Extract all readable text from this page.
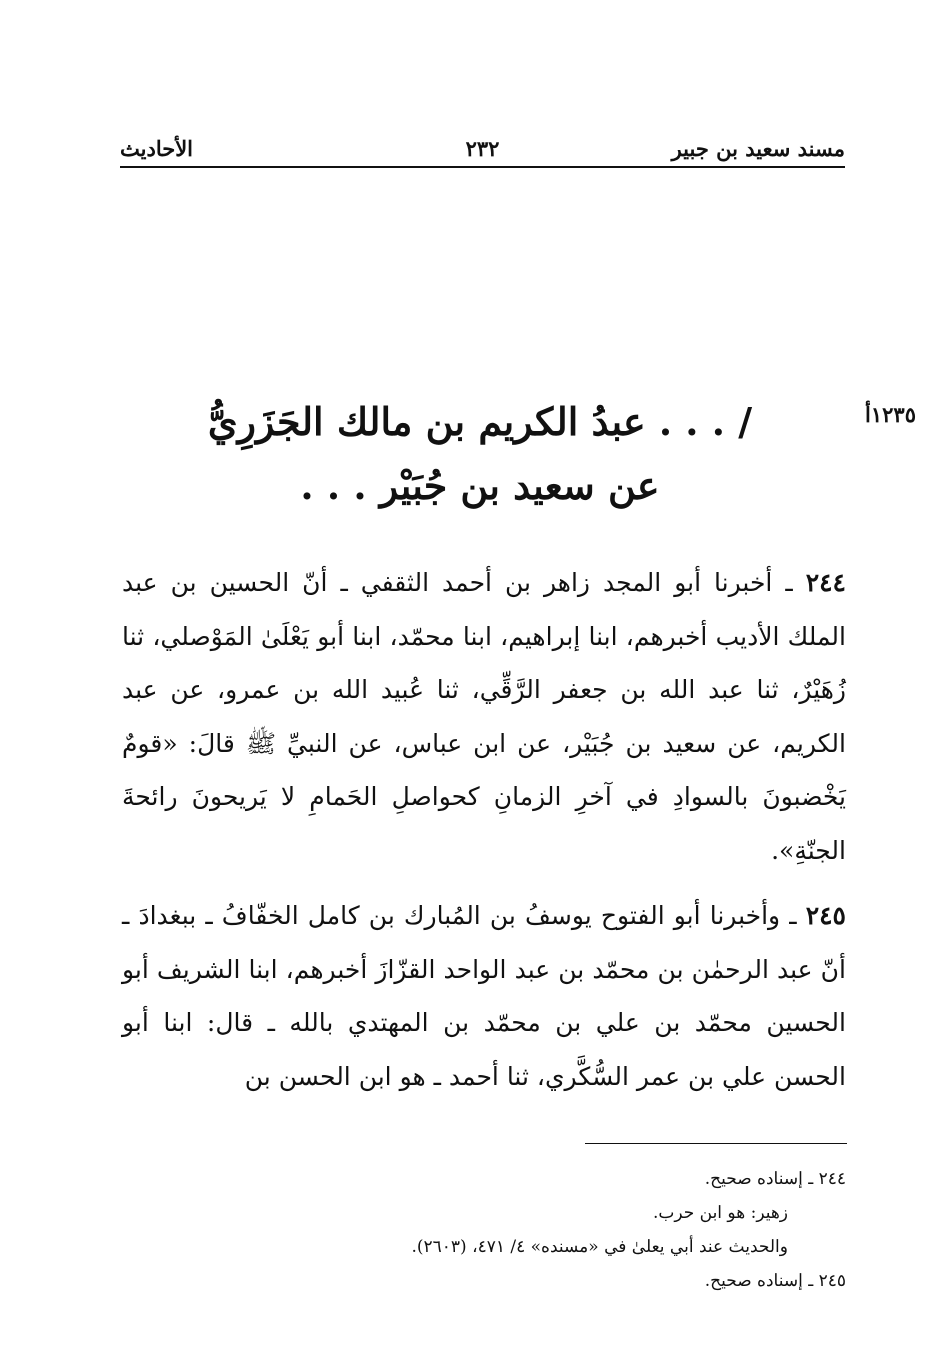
مسند سعيد بن جبير
٢٣٢
الأحاديث
١٢٣٥أ
/ . . . عبدُ الكريم بن مالك الجَزَرِيُّ
عن سعيد بن جُبَيْر . . .

٢٤٤ ـ أخبرنا أبو المجد زاهر بن أحمد الثقفي ـ أنّ الحسين بن عبد الملك الأديب أخبرهم، ابنا إبراهيم، ابنا محمّد، ابنا أبو يَعْلَىٰ المَوْصلي، ثنا زُهَيْرٌ، ثنا عبد الله بن جعفر الرَّقِّي، ثنا عُبيد الله بن عمرو، عن عبد الكريم، عن سعيد بن جُبَيْر، عن ابن عباس، عن النبيِّ ﷺ قالَ: «قومٌ يَخْضبونَ بالسوادِ في آخرِ الزمانِ كحواصلِ الحَمامِ لا يَريحونَ رائحةَ الجنّةِ».

٢٤٥ ـ وأخبرنا أبو الفتوح يوسفُ بن المُبارك بن كامل الخفّافُ ـ ببغدادَ ـ أنّ عبد الرحمٰن بن محمّد بن عبد الواحد القزّازَ أخبرهم، ابنا الشريف أبو الحسين محمّد بن علي بن محمّد بن المهتدي بالله ـ قال: ابنا أبو الحسن علي بن عمر السُّكَّري، ثنا أحمد ـ هو ابن الحسن بن

٢٤٤ ـ إسناده صحيح.
زهير: هو ابن حرب.
والحديث عند أبي يعلىٰ في «مسنده» ٤/ ٤٧١، (٢٦٠٣).
٢٤٥ ـ إسناده صحيح.
